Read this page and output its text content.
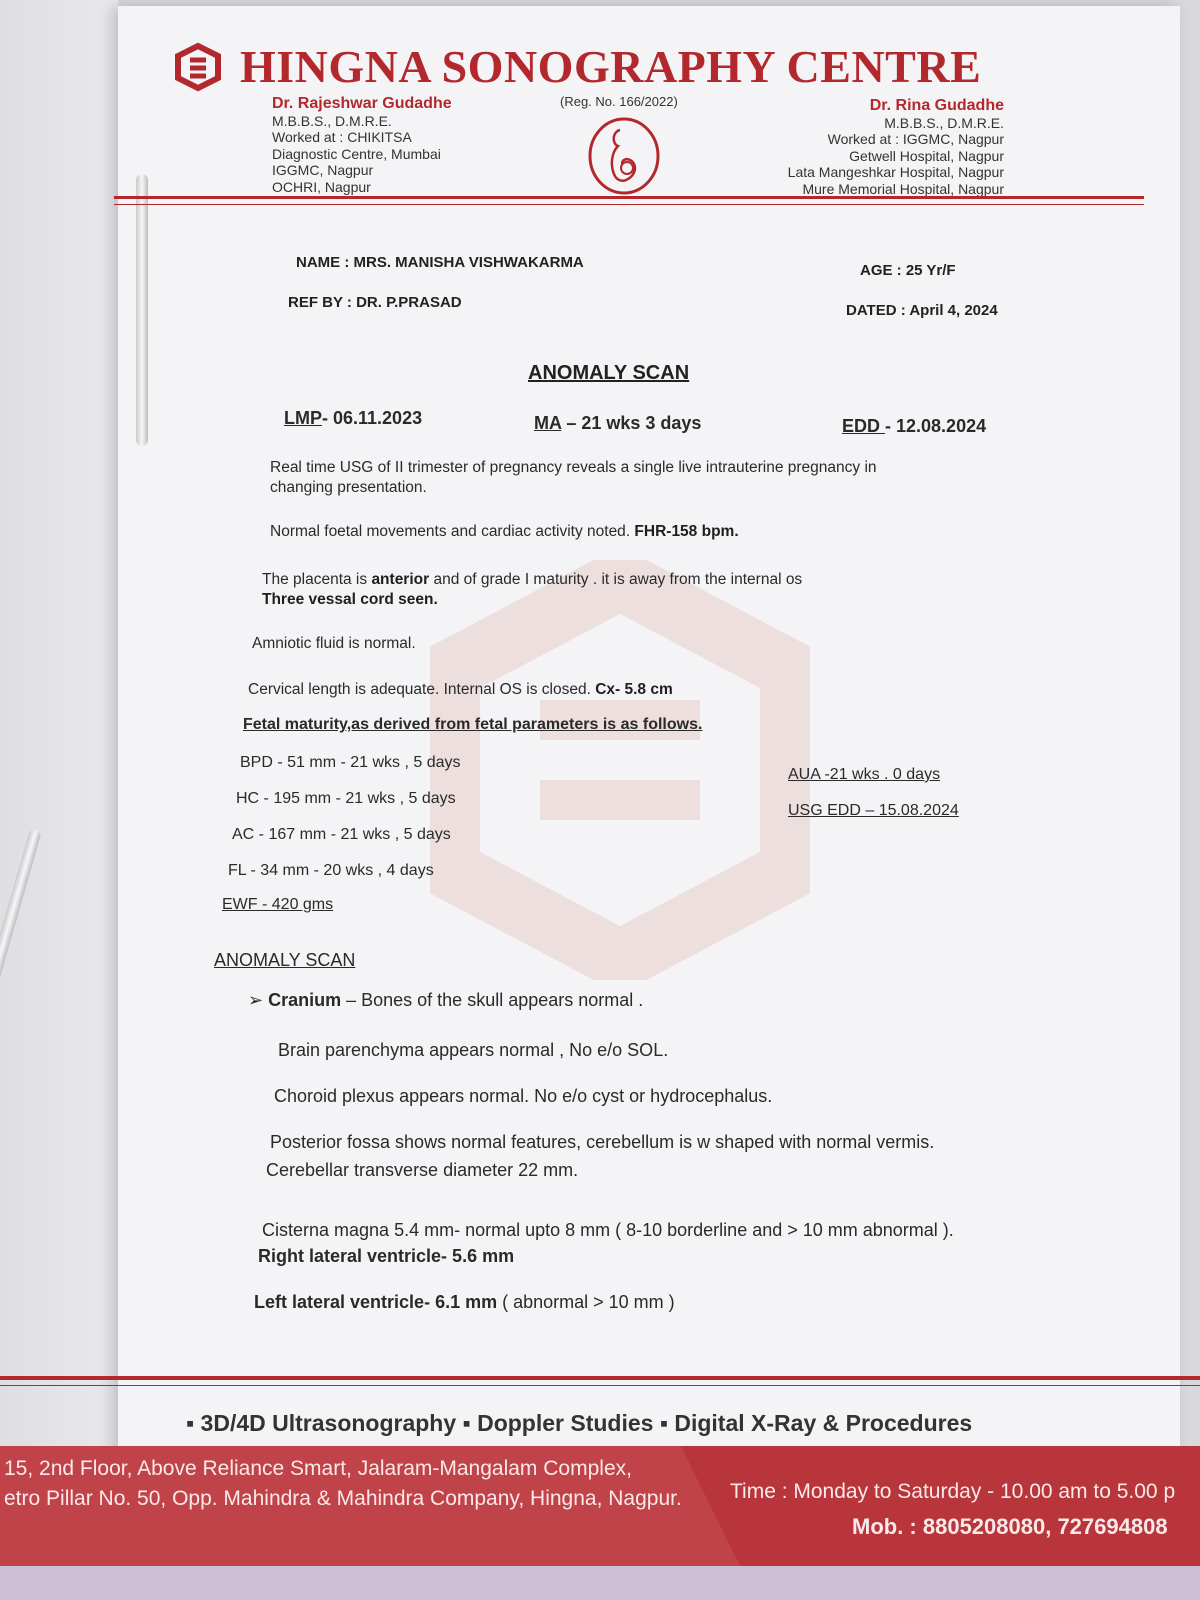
HINGNA SONOGRAPHY CENTRE
Dr. Rajeshwar Gudadhe
M.B.B.S., D.M.R.E.
Worked at : CHIKITSA
Diagnostic Centre, Mumbai
IGGMC, Nagpur
OCHRI, Nagpur
(Reg. No. 166/2022)	Dr. Rina Gudadhe
M.B.B.S., D.M.R.E.
Worked at : IGGMC, Nagpur
Getwell Hospital, Nagpur
Lata Mangeshkar Hospital, Nagpur
Mure Memorial Hospital, Nagpur
NAME : MRS. MANISHA VISHWAKARMA	AGE : 25 Yr/F
REF BY : DR. P.PRASAD	DATED : April 4, 2024
ANOMALY SCAN
LMP- 06.11.2023	MA – 21 wks 3 days	EDD - 12.08.2024
Real time USG of II trimester of pregnancy reveals a single live intrauterine pregnancy in
changing presentation.
Normal foetal movements and cardiac activity noted. FHR-158 bpm.
The placenta is anterior and of grade I maturity . it is away from the internal os
Three vessal cord seen.
Amniotic fluid is normal.
Cervical length is adequate. Internal OS is closed. Cx- 5.8 cm
Fetal maturity,as derived from fetal parameters is as follows.
BPD - 51 mm - 21 wks , 5 days
HC - 195 mm - 21 wks , 5 days
AC - 167 mm - 21 wks , 5 days
FL - 34 mm - 20 wks , 4 days
AUA -21 wks . 0 days
USG EDD – 15.08.2024
EWF - 420 gms
ANOMALY SCAN
➢ Cranium – Bones of the skull appears normal .
Brain parenchyma appears normal , No e/o SOL.
Choroid plexus appears normal. No e/o cyst or hydrocephalus.
Posterior fossa shows normal features, cerebellum is w shaped with normal vermis.
Cerebellar transverse diameter 22 mm.
Cisterna magna 5.4 mm- normal upto 8 mm ( 8-10 borderline and > 10 mm abnormal ).
Right lateral ventricle- 5.6 mm
Left lateral ventricle- 6.1 mm ( abnormal > 10 mm )
▪ 3D/4D Ultrasonography ▪ Doppler Studies ▪ Digital X-Ray & Procedures
15, 2nd Floor, Above Reliance Smart, Jalaram-Mangalam Complex,
etro Pillar No. 50, Opp. Mahindra & Mahindra Company, Hingna, Nagpur. Time : Monday to Saturday - 10.00 am to 5.00 p
Mob. : 8805208080, 727694808
